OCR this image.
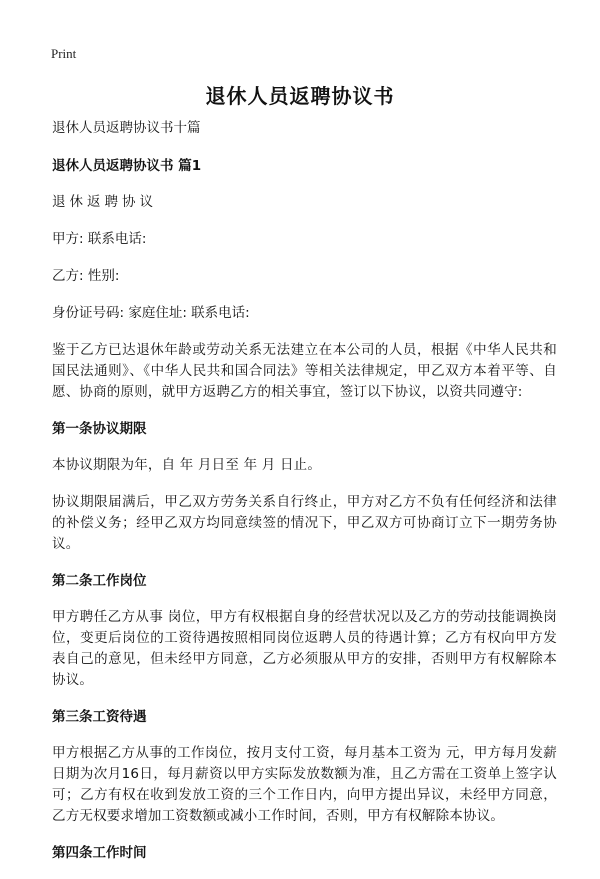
Print
退休人员返聘协议书

退休人员返聘协议书十篇

退休人员返聘协议书 篇1

退休返聘协议

甲方: 联系电话:

乙方: 性别:

身份证号码: 家庭住址: 联系电话:

鉴于乙方已达退休年龄或劳动关系无法建立在本公司的人员，根据《中华人民共和国民法通则》、《中华人民共和国合同法》等相关法律规定，甲乙双方本着平等、自愿、协商的原则，就甲方返聘乙方的相关事宜，签订以下协议，以资共同遵守:

第一条协议期限

本协议期限为年，自 年 月日至 年 月 日止。

协议期限届满后，甲乙双方劳务关系自行终止，甲方对乙方不负有任何经济和法律的补偿义务；经甲乙双方均同意续签的情况下，甲乙双方可协商订立下一期劳务协议。

第二条工作岗位

甲方聘任乙方从事 岗位，甲方有权根据自身的经营状况以及乙方的劳动技能调换岗位，变更后岗位的工资待遇按照相同岗位返聘人员的待遇计算；乙方有权向甲方发表自己的意见，但未经甲方同意，乙方必须服从甲方的安排，否则甲方有权解除本协议。

第三条工资待遇

甲方根据乙方从事的工作岗位，按月支付工资，每月基本工资为 元，甲方每月发薪日期为次月16日，每月薪资以甲方实际发放数额为准，且乙方需在工资单上签字认可；乙方有权在收到发放工资的三个工作日内，向甲方提出异议，未经甲方同意，乙方无权要求增加工资数额或减小工作时间，否则，甲方有权解除本协议。

第四条工作时间
